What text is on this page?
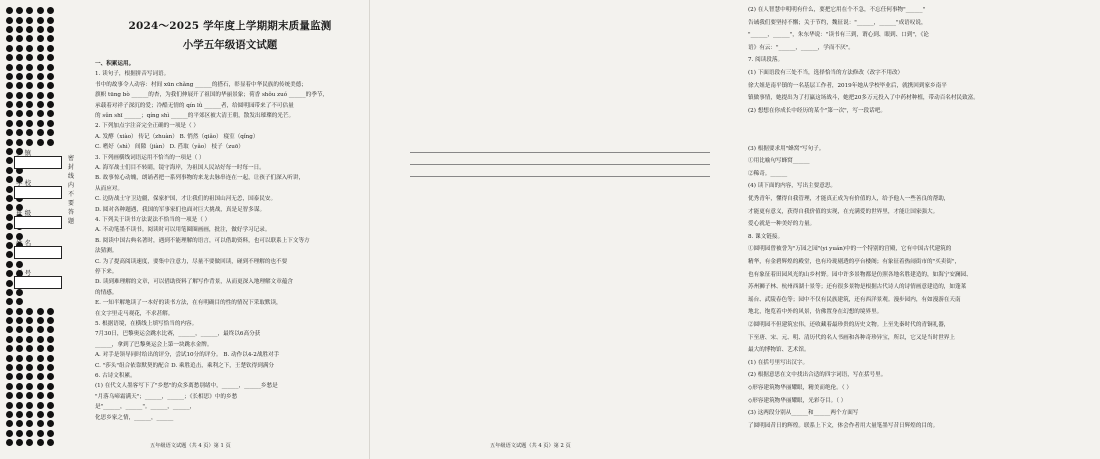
乡 镇
学 校
班 级
姓 名
考 号
密 封 线 内 不 要 答 题
2024～2025 学年度上学期期末质量监测
小学五年级语文试题
一、积累运用。
1. 读句子，根据拼音写词语。
书中的故事令人动容：村间 xūn chǎng ______的搭石，彰显着中华民族的传统美德；
旗帜 tūng bò ______的杏，为我们伸展开了祖国的华丽景象；荷香 shǒu zuó ______的季节，
承载着对祥子深沉的爱；冷酷无情的 qín lǜ ______者，给圆明园带来了不可估量
的 sǔn shī ______；qíng shì ______的平郊区被大清王朝，散发出璀璨的光芒。
2. 下列加点字注音完全正确的一项是（ ）
A. 发酵（xiào） 传记（zhuàn） B. 悄然（qiǎo） 寝室（qǐng）
C. 嗜好（shì） 间隙（jiàn） D. 舀取（yǎo） 枝子（zuō）
3. 下列画横线词语运用不恰当的一项是（ ）
A. 海军战士们目不转睛，镜守海岸，为祖国人民站好每一时每一日。
B. 故事惊心动魄，朗诵者把一系列事物的来龙去脉串连在一起，让孩子们深入听讲，
从而应对。
C. 边防战士守卫边疆，保家护国，才让我们的祖国山河无恙，国泰民安。
D. 圆对各种题遇，我国的军事家们也面对巨大挑战，真是足智多谋。
4. 下列关于读书方法说法不恰当的一项是（ ）
A. 不动笔墨不读书。阅读时可以用笔圈圈画画，批注，做好学习记录。
B. 阅读中国古典名著时，遇到不能理解的语言，可以借助资料，也可以联系上下文等方
法猜测。
C. 为了提高阅读速度，要集中注意力，尽量不要做回读，碰到不理解的也不要
停下来。
D. 读到难理解的文章，可以借助资料了解写作背景，从而更深入地理解文章蕴含
的情感。
E. 一知半解地读了一本好的读书方法，在有明确目的性的情况下采取默读，
在文字里走马观花，不求甚解。
5. 根据语境，在横线上填写恰当的内容。
7月30日，巴黎奥运会跳水比赛，______，______，最终以6高分获
______，拿到了巴黎奥运会上第一块跳水金牌。
A. 对手是领导同时给出的评分，尝试10分的评分。 B. 动作以4-2战胜对手
C. "莎头"组合依靠默契的配合 D. 乘胜追击，乘利之下，王楚钦得到满分
6. 古诗文积累。
(1) 在代文人墨客写下了"乡愁"的众多离愁别绪中，______，______乡愁是
"月落乌啼霜满天"；______，______；《长相思》中的乡愁
是"______，______"。______，______，
化思乡家之情，______，______
五年级语文试题（共 4 页）第 1 页
(2) 在人智慧中明明有什么，要把它用在个不急，不忘任何事物"______"
告诫我们要坚持不懈；关于节约，魏征说："______，______"成语叹说，
"______，______"，朱东华说："读书有三到，谓心到、眼到、口到"，《论
语》有云："______，______，学而不厌"。
7. 阅读段落。
(1) 下面语段有三处不当，选择恰当的方法修改（改字不用改）
徐大姐是南平镇的一名基层工作者，2019年她从学校毕业后，就携回到家乡南平
镇做事情，她提出为了打赢这场战斗，她把20多万元投入了中药材种植，带动百名村民致富。
(2) 想想在你成长中经历的某个"第一次"，写一段话吧。
(3) 根据要求用"蜂窝"写句子。
①用比喻句写蜂窝______
②稀奇。______
(4) 读下面的内容，写出主要意思。
优秀青年，懂得自我管理，才能真正成为有价值的人，给予他人一些善良的帮助，
才能更有意义，获得自我价值的实现，在充满爱的世界里，才能让国家强大。
爱心就是一种美好的力量。
8. 课文链接。
①圆明园曾被誉为"万园之园"(yi yuán)中的一个特别的宫殿，它有中国古代建筑的
精华，有金碧辉煌的殿堂，也有玲珑剔透的亭台楼阁；有象征着热闹街市的"买卖街"，
也有象征着田园风光的山乡村野。园中许多景物都是仿照各地名胜建造的，如海宁安澜园、
苏州狮子林、杭州西湖十景等；还有很多景物是根据古代诗人的诗情画意建造的，如蓬莱
瑶台、武陵春色等；园中不仅有民族建筑，还有西洋景观。漫步园内，有如漫游在天南
地北，饱览着中外的风景，仿佛置身在幻想的境界里。
②圆明园不但建筑宏伟，还收藏着最珍贵的历史文物。上至先秦时代的青铜礼器，
下至唐、宋、元、明、清历代的名人书画和各种奇珍异宝，所以，它又是当时世界上
最大的博物馆、艺术馆。
(1) 在括号里写出汉字。
(2) 根据意思在文中找出合适的四字词语，写在括号里。
◇形容建筑物华丽耀眼，精美而绝伦。（ ）
◇形容建筑物华丽耀眼，光彩夺目。（ ）
(3) 这两段分别从______和______两个方面写
了圆明园昔日的辉煌。联系上下文，体会作者用大量笔墨写昔日辉煌的目的。
五年级语文试题（共 4 页）第 2 页
